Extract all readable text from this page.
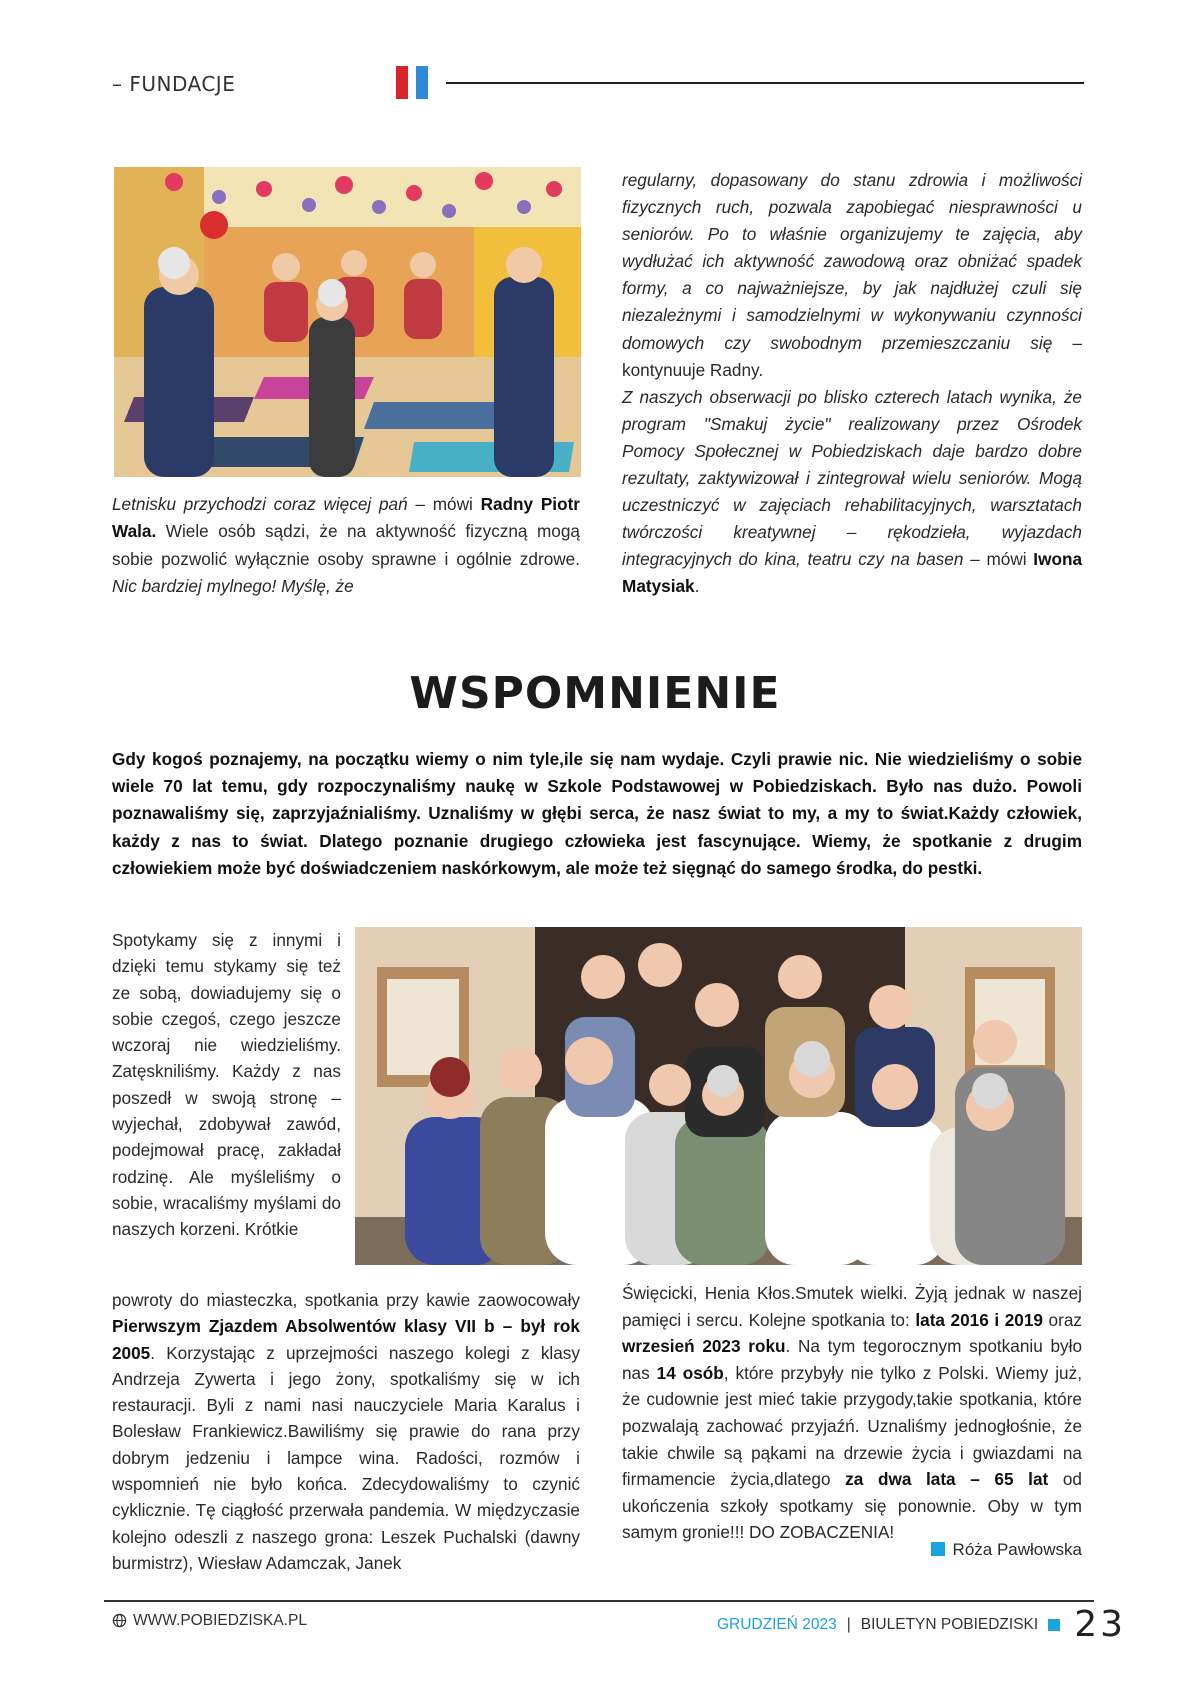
– FUNDACJE

Letnisku przychodzi coraz więcej pań – mówi Radny Piotr Wala. Wiele osób sądzi, że na aktywność fizyczną mogą sobie pozwolić wyłącznie osoby sprawne i ogólnie zdrowe. Nic bardziej mylnego! Myślę, że

regularny, dopasowany do stanu zdrowia i możliwości fizycznych ruch, pozwala zapobiegać niesprawności u seniorów. Po to właśnie organizujemy te zajęcia, aby wydłużać ich aktywność zawodową oraz obniżać spadek formy, a co najważniejsze, by jak najdłużej czuli się niezależnymi i samodzielnymi w wykonywaniu czynności domowych czy swobodnym przemieszczaniu się – kontynuuje Radny.
Z naszych obserwacji po blisko czterech latach wynika, że program "Smakuj życie" realizowany przez Ośrodek Pomocy Społecznej w Pobiedziskach daje bardzo dobre rezultaty, zaktywizował i zintegrował wielu seniorów. Mogą uczestniczyć w zajęciach rehabilitacyjnych, warsztatach twórczości kreatywnej – rękodzieła, wyjazdach integracyjnych do kina, teatru czy na basen – mówi Iwona Matysiak.

WSPOMNIENIE

Gdy kogoś poznajemy, na początku wiemy o nim tyle,ile się nam wydaje. Czyli prawie nic. Nie wiedzieliśmy o sobie wiele 70 lat temu, gdy rozpoczynaliśmy naukę w Szkole Podstawowej w Pobiedziskach. Było nas dużo. Powoli poznawaliśmy się, zaprzyjaźnialiśmy. Uznaliśmy w głębi serca, że nasz świat to my, a my to świat.Każdy człowiek, każdy z nas to świat. Dlatego poznanie drugiego człowieka jest fascynujące. Wiemy, że spotkanie z drugim człowiekiem może być doświadczeniem naskórkowym, ale może też sięgnąć do samego środka, do pestki.

Spotykamy się z innymi i dzięki temu stykamy się też ze sobą, dowiadujemy się o sobie czegoś, czego jeszcze wczoraj nie wiedzieliśmy. Zatęskniliśmy. Każdy z nas poszedł w swoją stronę – wyjechał, zdobywał zawód, podejmował pracę, zakładał rodzinę. Ale myśleliśmy o sobie, wracaliśmy myślami do naszych korzeni. Krótkie

powroty do miasteczka, spotkania przy kawie zaowocowały Pierwszym Zjazdem Absolwentów klasy VII b – był rok 2005. Korzystając z uprzejmości naszego kolegi z klasy Andrzeja Zywerta i jego żony, spotkaliśmy się w ich restauracji. Byli z nami nasi nauczyciele Maria Karalus i Bolesław Frankiewicz.Bawiliśmy się prawie do rana przy dobrym jedzeniu i lampce wina. Radości, rozmów i wspomnień nie było końca. Zdecydowaliśmy to czynić cyklicznie. Tę ciągłość przerwała pandemia. W międzyczasie kolejno odeszli z naszego grona: Leszek Puchalski (dawny burmistrz), Wiesław Adamczak, Janek

Święcicki, Henia Kłos.Smutek wielki. Żyją jednak w naszej pamięci i sercu. Kolejne spotkania to: lata 2016 i 2019 oraz wrzesień 2023 roku. Na tym tegorocznym spotkaniu było nas 14 osób, które przybyły nie tylko z Polski. Wiemy już, że cudownie jest mieć takie przygody,takie spotkania, które pozwalają zachować przyjaźń. Uznaliśmy jednogłośnie, że takie chwile są pąkami na drzewie życia i gwiazdami na firmamencie życia,dlatego za dwa lata – 65 lat od ukończenia szkoły spotkamy się ponownie. Oby w tym samym gronie!!! DO ZOBACZENIA!

Róża Pawłowska
WWW.POBIEDZISKA.PL	GRUDZIEŃ 2023 | BIULETYN POBIEDZISKI 23
